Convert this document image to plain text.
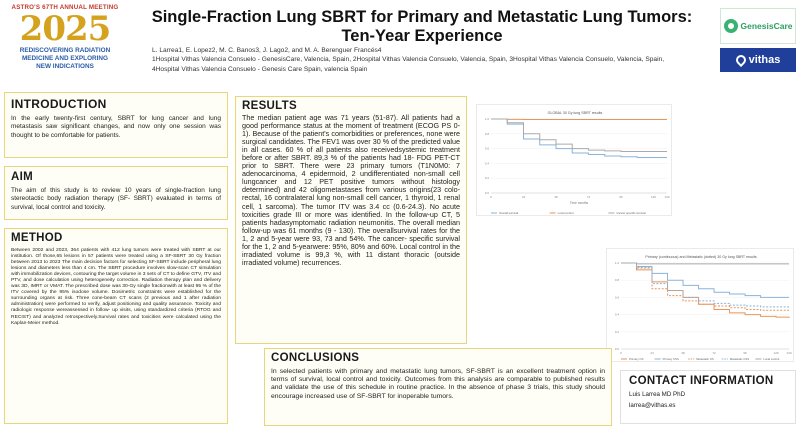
ASTRO'S 67TH ANNUAL MEETING
2025
REDISCOVERING RADIATION
MEDICINE AND EXPLORING
NEW INDICATIONS
Single-Fraction Lung SBRT for Primary and Metastatic Lung Tumors:
Ten-Year Experience
L. Larrea1, E. Lopez2, M. C. Banos3, J. Lago2, and M. A. Berenguer Francés4
1Hospital Vithas Valencia Consuelo - GenesisCare, Valencia, Spain, 2Hospital Vithas Valencia Consuelo, Valencia, Spain, 3Hospital Vithas Valencia Consuelo, Valencia, Spain,
4Hospital Vithas Valencia Consuelo - Genesis Care Spain, valencia Spain
GenesisCare
vithas
INTRODUCTION

In the early twenty-first century, SBRT for lung cancer and lung metastasis saw significant changes, and now only one session was thought to be comfortable for patients.

AIM

The aim of this study is to review 10 years of single-fraction lung stereotactic body radiation therapy (SF- SBRT) evaluated in terms of survival, local control and toxicity.

METHOD

Between 2002 and 2023, 364 patients with 412 lung tumors were treated with SBRT at our institution. Of those,65 lesions in 57 patients were treated using a SF-SBRT 30 Gy fraction between 2013 to 2023 The main decision factors for selecting SF-SBRT include peripheral lung lesions and diameters less than 4 cm. The SBRT procedure involves slow-scan CT simulation with immobilization devices, contouring the target volume in 3 sets of CT to define GTV, ITV and PTV, and dose calculation using heterogeneity correction. Radiation therapy plan and delivery was 3D, IMRT or VMAT. The prescribed dose was 30-Gy single fractionwith at least 95 % of the ITV covered by the 95% isodose volume. Dosimetric constraints were established for the surrounding organs at risk. Three cone-beam CT scans (2 previous and 1 after radiation administration) were performed to verify, adjust positioning and quality assurance. Toxicity and radiologic response wereassessed in follow- up visits, using standardized criteria (RTOG and RECIST) and analyzed retrospectively.Survival rates and toxicities were calculated using the Kaplan-Meier method.

RESULTS

The median patient age was 71 years (51-87). All patients had a good performance status at the moment of treatment (ECOG PS 0-1). Because of the patient's comorbidities or preferences, none were surgical candidates. The FEV1 was over 30 % of the predicted value in all cases. 60 % of all patients also receivedsystemic treatment before or after SBRT. 89,3 % of the patients had 18- FDG PET-CT prior to SBRT. There were 23 primary tumors (T1N0M0: 7 adenocarcinoma, 4 epidermoid, 2 undifferentiated non-small cell lungcancer and 12 PET positive tumors without histology determined) and 42 oligometastases from various origins(23 colo-rectal, 16 contralateral lung non-small cell cancer, 1 thyroid, 1 renal cell, 1 sarcoma). The tumor ITV was 3.4 cc (0.6-24.3). No acute toxicities grade III or more was identified. In the follow-up CT, 5 patients hadasymptomatic radiation neumonitis. The overall median follow-up was 61 months (9 - 130). The overallsurvival rates for the 1, 2 and 5-year were 93, 73 and 54%. The cancer- specific survival for the 1, 2 and 5-yearwere: 95%, 80% and 60%. Local control in the irradiated volume is 99,3 %, with 11 distant thoracic (outside irradiated volume) recurrences.

GLOBAL 30 Gy lung SBRT results
0.0
0.2
0.4
0.6
0.8
1.0
0	24	48	72	96	120	130
Time months
Overall survival	Local control	Cancer specific survival
Primary (continuous) and Metastatic (dotted) 30 Gy lung SBRT results
0.0
0.2
0.4
0.6
0.8
1.0
0	24	48	72	96	120	130
Primary OS	Primary CSS	Metastatic OS	Metastatic CSS	Local control
CONCLUSIONS

In selected patients with primary and metastatic lung tumors, SF-SBRT is an excellent treatment option in terms of survival, local control and toxicity. Outcomes from this analysis are comparable to published results and validate the use of this schedule in routine practice. In the absence of phase 3 trials, this study should encourage increased use of SF-SBRT for inoperable tumors.

CONTACT INFORMATION
Luis Larrea MD PhD
larrea@vithas.es
